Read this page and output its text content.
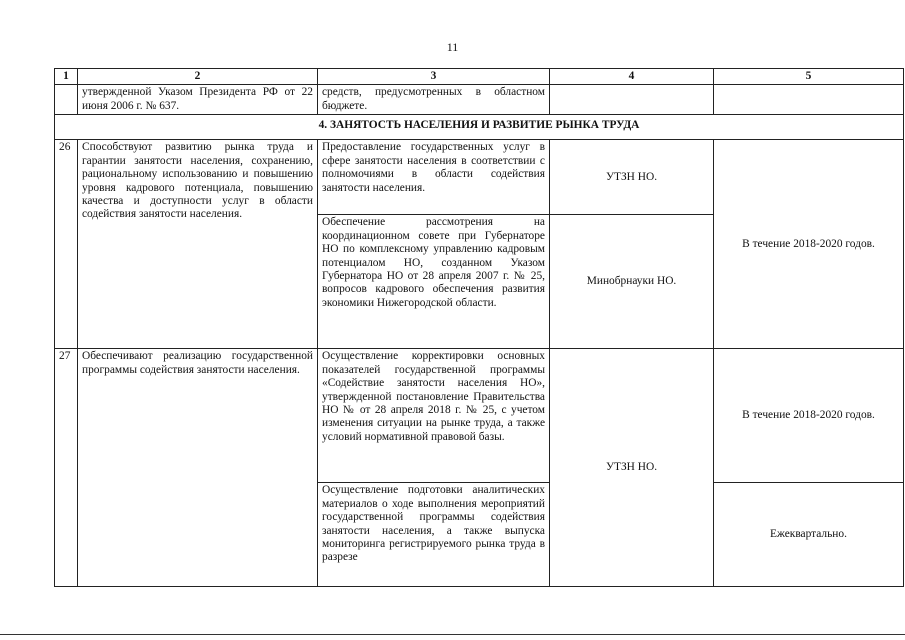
11
1	2	3	4	5
	утвержденной Указом Президента РФ от 22 июня 2006 г. № 637.	средств, предусмотренных в областном бюджете.		
4. ЗАНЯТОСТЬ НАСЕЛЕНИЯ И РАЗВИТИЕ РЫНКА ТРУДА				
26	Способствуют развитию рынка труда и гарантии занятости населения, сохранению, рациональному использованию и повышению уровня кадрового потенциала, повышению качества и доступности услуг в области содействия занятости населения.	Предоставление государственных услуг в сфере занятости населения в соответствии с полномочиями в области содействия занятости населения.	УТЗН НО.	В течение 2018-2020 годов.
		Обеспечение рассмотрения на координационном совете при Губернаторе НО по комплексному управлению кадровым потенциалом НО, созданном Указом Губернатора НО от 28 апреля 2007 г. № 25, вопросов кадрового обеспечения развития экономики Нижегородской области.	Минобрнауки НО.	
27	Обеспечивают реализацию государственной программы содействия занятости населения.	Осуществление корректировки основных показателей государственной программы «Содействие занятости населения НО», утвержденной постановление Правительства НО № от 28 апреля 2018 г. № 25, с учетом изменения ситуации на рынке труда, а также условий нормативной правовой базы.	УТЗН НО.	В течение 2018-2020 годов.
		Осуществление подготовки аналитических материалов о ходе выполнения мероприятий государственной программы содействия занятости населения, а также выпуска мониторинга регистрируемого рынка труда в разрезе		Ежеквартально.
